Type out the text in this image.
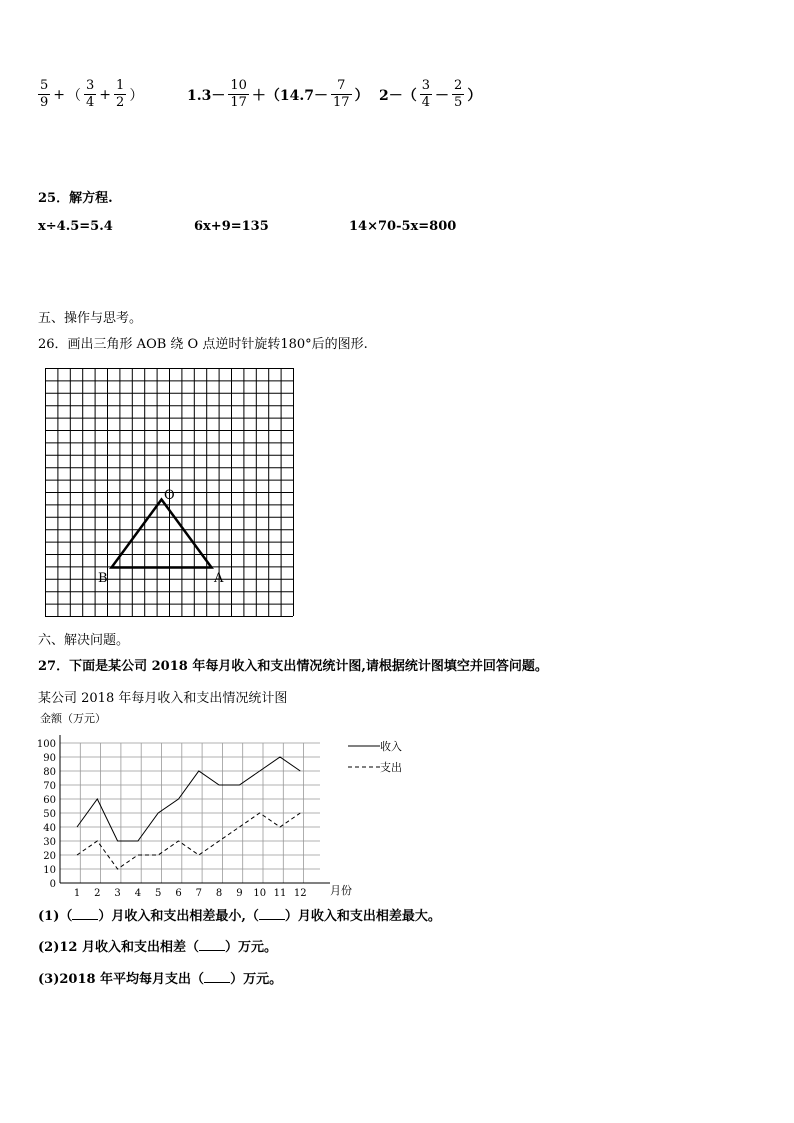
$\frac{5}{9}$ + （ $\frac{3}{4} + \frac{1}{2}$ ）	$1.3- \frac{10}{17} +(14.7- \frac{7}{17}$ ） $2-( \frac{3}{4} - \frac{2}{5}$ ）
25．解方程.
x÷4.5=5.4	6x+9=135	14×70-5x=800
五、操作与思考。
26．画出三角形 AOB 绕 O 点逆时针旋转180°后的图形.
O
B	A
六、解决问题。
27．下面是某公司 2018 年每月收入和支出情况统计图,请根据统计图填空并回答问题。
某公司 2018 年每月收入和支出情况统计图
金额（万元）
0
10
20
30
40
50
60
70
80
90
100
1 2 3 4 5 6 7 8 9 10 11 12 月份
收入
支出
(1)（ ）月收入和支出相差最小,（ ）月收入和支出相差最大。
(2)12 月收入和支出相差（ ）万元。
(3)2018 年平均每月支出（ ）万元。
